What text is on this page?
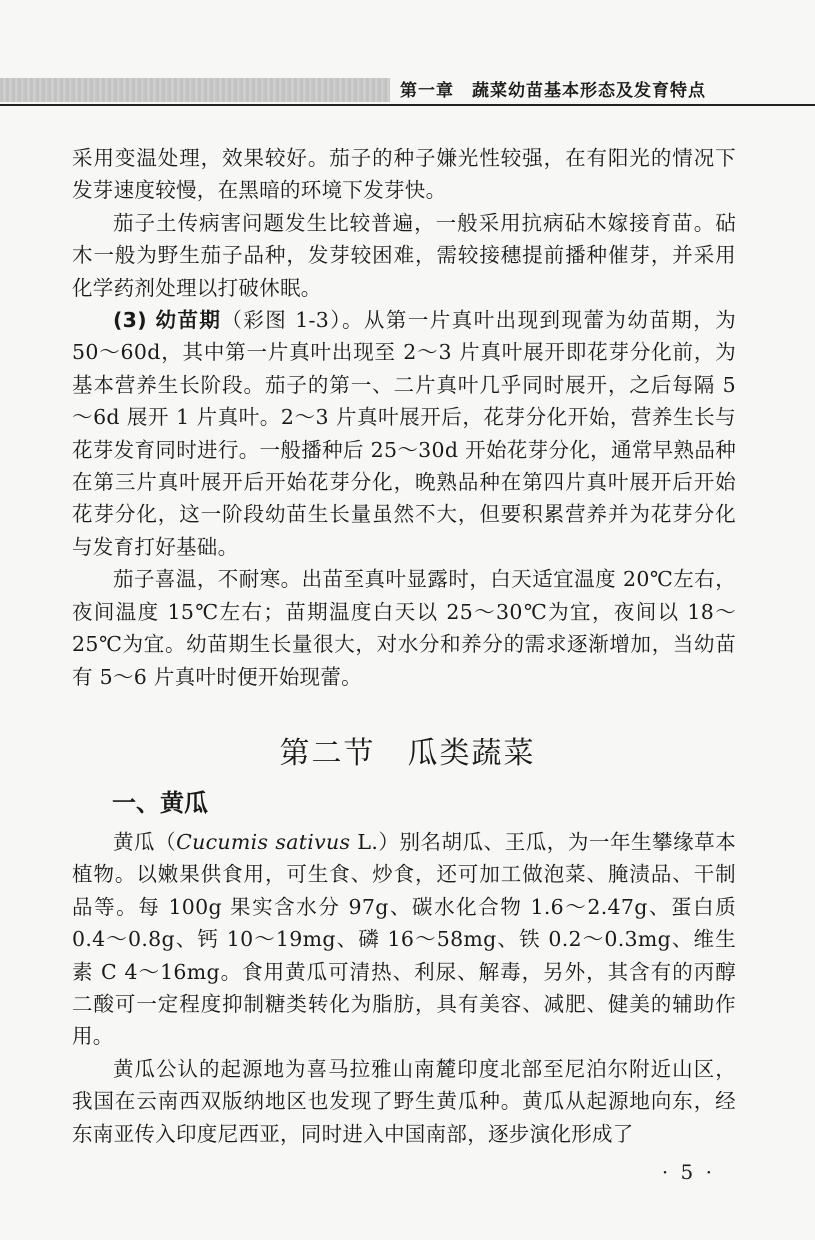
第一章　蔬菜幼苗基本形态及发育特点

采用变温处理，效果较好。茄子的种子嫌光性较强，在有阳光的情况下发芽速度较慢，在黑暗的环境下发芽快。

茄子土传病害问题发生比较普遍，一般采用抗病砧木嫁接育苗。砧木一般为野生茄子品种，发芽较困难，需较接穗提前播种催芽，并采用化学药剂处理以打破休眠。

(3) 幼苗期（彩图 1-3）。从第一片真叶出现到现蕾为幼苗期，为 50～60d，其中第一片真叶出现至 2～3 片真叶展开即花芽分化前，为基本营养生长阶段。茄子的第一、二片真叶几乎同时展开，之后每隔 5～6d 展开 1 片真叶。2～3 片真叶展开后，花芽分化开始，营养生长与花芽发育同时进行。一般播种后 25～30d 开始花芽分化，通常早熟品种在第三片真叶展开后开始花芽分化，晚熟品种在第四片真叶展开后开始花芽分化，这一阶段幼苗生长量虽然不大，但要积累营养并为花芽分化与发育打好基础。

茄子喜温，不耐寒。出苗至真叶显露时，白天适宜温度 20℃左右，夜间温度 15℃左右；苗期温度白天以 25～30℃为宜，夜间以 18～25℃为宜。幼苗期生长量很大，对水分和养分的需求逐渐增加，当幼苗有 5～6 片真叶时便开始现蕾。

第二节　瓜类蔬菜
一、黄瓜

黄瓜（Cucumis sativus L.）别名胡瓜、王瓜，为一年生攀缘草本植物。以嫩果供食用，可生食、炒食，还可加工做泡菜、腌渍品、干制品等。每 100g 果实含水分 97g、碳水化合物 1.6～2.47g、蛋白质 0.4～0.8g、钙 10～19mg、磷 16～58mg、铁 0.2～0.3mg、维生素 C 4～16mg。食用黄瓜可清热、利尿、解毒，另外，其含有的丙醇二酸可一定程度抑制糖类转化为脂肪，具有美容、减肥、健美的辅助作用。

黄瓜公认的起源地为喜马拉雅山南麓印度北部至尼泊尔附近山区，我国在云南西双版纳地区也发现了野生黄瓜种。黄瓜从起源地向东，经东南亚传入印度尼西亚，同时进入中国南部，逐步演化形成了

· 5 ·
